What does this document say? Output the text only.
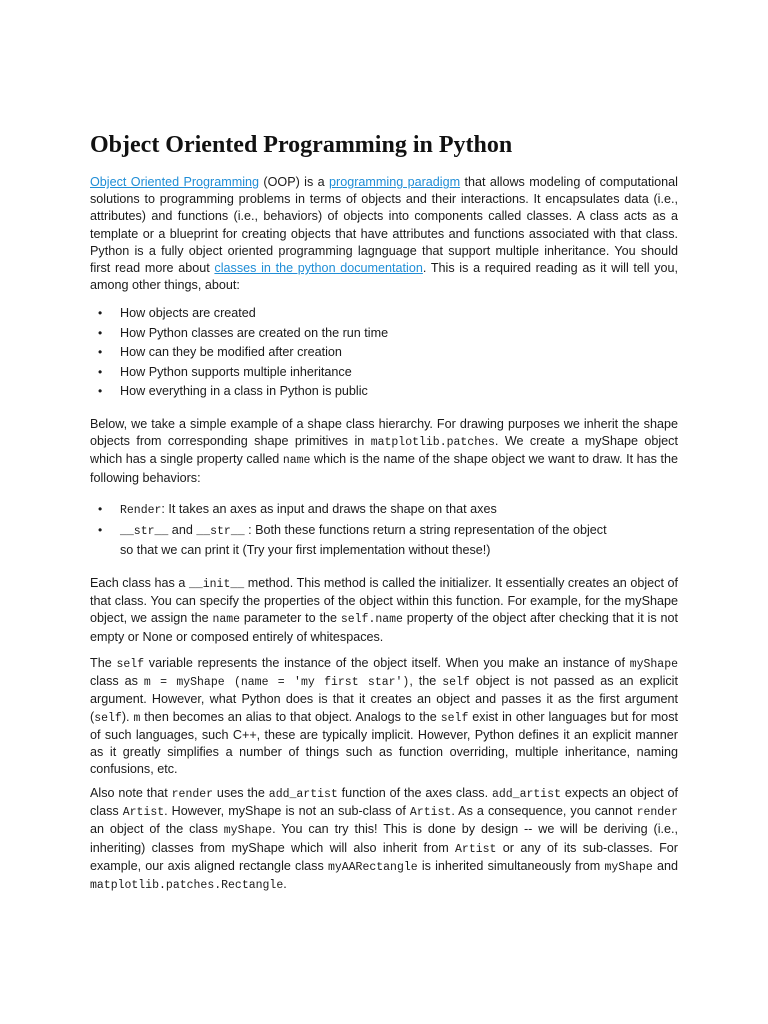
Object Oriented Programming in Python

Object Oriented Programming (OOP) is a programming paradigm that allows modeling of computational solutions to programming problems in terms of objects and their interactions. It encapsulates data (i.e., attributes) and functions (i.e., behaviors) of objects into components called classes. A class acts as a template or a blueprint for creating objects that have attributes and functions associated with that class. Python is a fully object oriented programming lagnguage that support multiple inheritance. You should first read more about classes in the python documentation. This is a required reading as it will tell you, among other things, about:

• How objects are created
• How Python classes are created on the run time
• How can they be modified after creation
• How Python supports multiple inheritance
• How everything in a class in Python is public

Below, we take a simple example of a shape class hierarchy. For drawing purposes we inherit the shape objects from corresponding shape primitives in matplotlib.patches. We create a myShape object which has a single property called name which is the name of the shape object we want to draw. It has the following behaviors:

• Render: It takes an axes as input and draws the shape on that axes
• __str__ and __str__ : Both these functions return a string representation of the object
so that we can print it (Try your first implementation without these!)

Each class has a __init__ method. This method is called the initializer. It essentially creates an object of that class. You can specify the properties of the object within this function. For example, for the myShape object, we assign the name parameter to the self.name property of the object after checking that it is not empty or None or composed entirely of whitespaces.

The self variable represents the instance of the object itself. When you make an instance of myShape class as m = myShape (name = 'my first star'), the self object is not passed as an explicit argument. However, what Python does is that it creates an object and passes it as the first argument (self). m then becomes an alias to that object. Analogs to the self exist in other languages but for most of such languages, such C++, these are typically implicit. However, Python defines it an explicit manner as it greatly simplifies a number of things such as function overriding, multiple inheritance, naming confusions, etc.

Also note that render uses the add_artist function of the axes class. add_artist expects an object of class Artist. However, myShape is not an sub-class of Artist. As a consequence, you cannot render an object of the class myShape. You can try this! This is done by design -- we will be deriving (i.e., inheriting) classes from myShape which will also inherit from Artist or any of its sub-classes. For example, our axis aligned rectangle class myAARectangle is inherited simultaneously from myShape and matplotlib.patches.Rectangle.
